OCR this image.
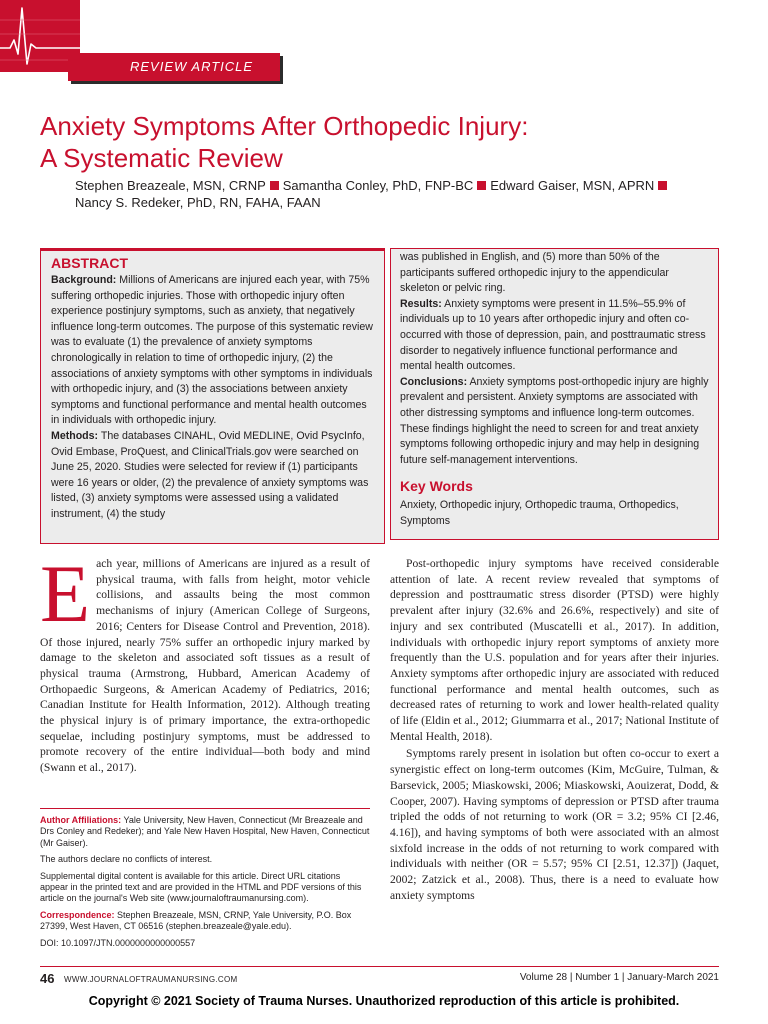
REVIEW ARTICLE
Anxiety Symptoms After Orthopedic Injury:
A Systematic Review
Stephen Breazeale, MSN, CRNP Samantha Conley, PhD, FNP-BC Edward Gaiser, MSN, APRN
Nancy S. Redeker, PhD, RN, FAHA, FAAN
ABSTRACT
Background: Millions of Americans are injured each year, with 75% suffering orthopedic injuries. Those with orthopedic injury often experience postinjury symptoms, such as anxiety, that negatively influence long-term outcomes. The purpose of this systematic review was to evaluate (1) the prevalence of anxiety symptoms chronologically in relation to time of orthopedic injury, (2) the associations of anxiety symptoms with other symptoms in individuals with orthopedic injury, and (3) the associations between anxiety symptoms and functional performance and mental health outcomes in individuals with orthopedic injury.
Methods: The databases CINAHL, Ovid MEDLINE, Ovid PsycInfo, Ovid Embase, ProQuest, and ClinicalTrials.gov were searched on June 25, 2020. Studies were selected for review if (1) participants were 16 years or older, (2) the prevalence of anxiety symptoms was listed, (3) anxiety symptoms were assessed using a validated instrument, (4) the study
was published in English, and (5) more than 50% of the participants suffered orthopedic injury to the appendicular skeleton or pelvic ring.
Results: Anxiety symptoms were present in 11.5%–55.9% of individuals up to 10 years after orthopedic injury and often co-occurred with those of depression, pain, and posttraumatic stress disorder to negatively influence functional performance and mental health outcomes.
Conclusions: Anxiety symptoms post-orthopedic injury are highly prevalent and persistent. Anxiety symptoms are associated with other distressing symptoms and influence long-term outcomes. These findings highlight the need to screen for and treat anxiety symptoms following orthopedic injury and may help in designing future self-management interventions.
Key Words
Anxiety, Orthopedic injury, Orthopedic trauma, Orthopedics, Symptoms

Each year, millions of Americans are injured as a result of physical trauma, with falls from height, motor vehicle collisions, and assaults being the most common mechanisms of injury (American College of Surgeons, 2016; Centers for Disease Control and Prevention, 2018). Of those injured, nearly 75% suffer an orthopedic injury marked by damage to the skeleton and associated soft tissues as a result of physical trauma (Armstrong, Hubbard, American Academy of Orthopaedic Surgeons, & American Academy of Pediatrics, 2016; Canadian Institute for Health Information, 2012). Although treating the physical injury is of primary importance, the extra-orthopedic sequelae, including postinjury symptoms, must be addressed to promote recovery of the entire individual—both body and mind (Swann et al., 2017).

Post-orthopedic injury symptoms have received considerable attention of late. A recent review revealed that symptoms of depression and posttraumatic stress disorder (PTSD) were highly prevalent after injury (32.6% and 26.6%, respectively) and site of injury and sex contributed (Muscatelli et al., 2017). In addition, individuals with orthopedic injury report symptoms of anxiety more frequently than the U.S. population and for years after their injuries. Anxiety symptoms after orthopedic injury are associated with reduced functional performance and mental health outcomes, such as decreased rates of returning to work and lower health-related quality of life (Eldin et al., 2012; Giummarra et al., 2017; National Institute of Mental Health, 2018).

Symptoms rarely present in isolation but often co-occur to exert a synergistic effect on long-term outcomes (Kim, McGuire, Tulman, & Barsevick, 2005; Miaskowski, 2006; Miaskowski, Aouizerat, Dodd, & Cooper, 2007). Having symptoms of depression or PTSD after trauma tripled the odds of not returning to work (OR = 3.2; 95% CI [2.46, 4.16]), and having symptoms of both were associated with an almost sixfold increase in the odds of not returning to work compared with individuals with neither (OR = 5.57; 95% CI [2.51, 12.37]) (Jaquet, 2002; Zatzick et al., 2008). Thus, there is a need to evaluate how anxiety symptoms

Author Affiliations: Yale University, New Haven, Connecticut (Mr Breazeale and Drs Conley and Redeker); and Yale New Haven Hospital, New Haven, Connecticut (Mr Gaiser).

The authors declare no conflicts of interest.

Supplemental digital content is available for this article. Direct URL citations appear in the printed text and are provided in the HTML and PDF versions of this article on the journal's Web site (www.journaloftraumanursing.com).

Correspondence: Stephen Breazeale, MSN, CRNP, Yale University, P.O. Box 27399, West Haven, CT 06516 (stephen.breazeale@yale.edu).

DOI: 10.1097/JTN.0000000000000557

46 WWW.JOURNALOFTRAUMANURSING.COM	Volume 28 | Number 1 | January-March 2021
Copyright © 2021 Society of Trauma Nurses. Unauthorized reproduction of this article is prohibited.
